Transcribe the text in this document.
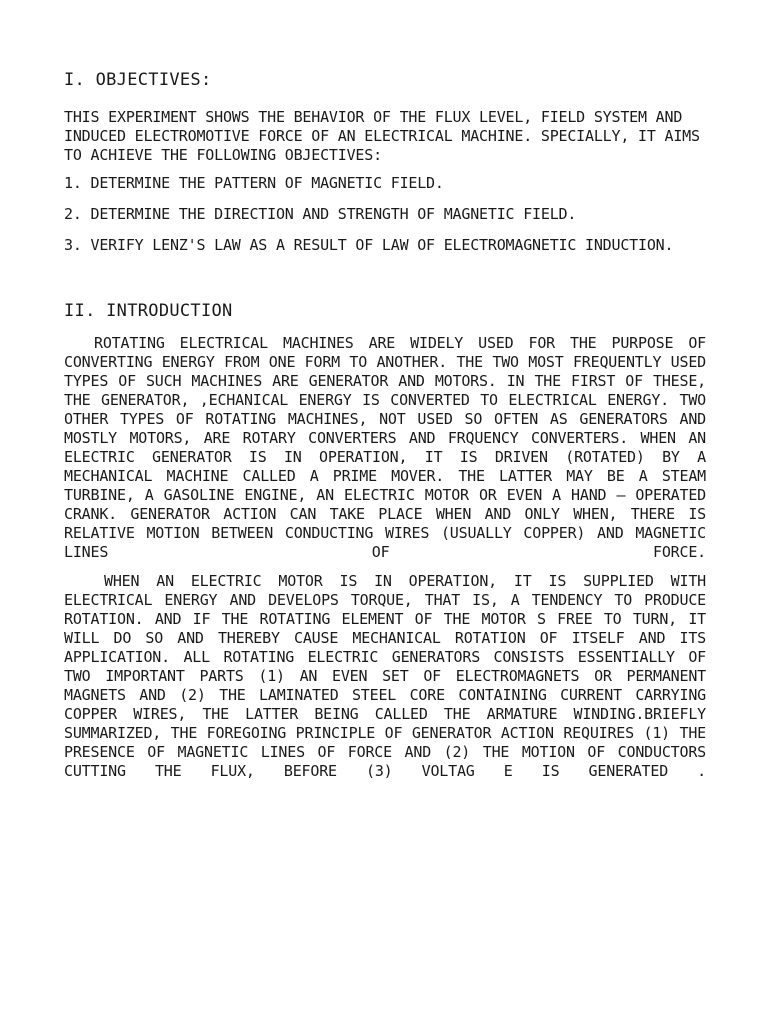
I. OBJECTIVES:

THIS EXPERIMENT SHOWS THE BEHAVIOR OF THE FLUX LEVEL, FIELD SYSTEM AND INDUCED ELECTROMOTIVE FORCE OF AN ELECTRICAL MACHINE. SPECIALLY, IT AIMS TO ACHIEVE THE FOLLOWING OBJECTIVES:

1. DETERMINE THE PATTERN OF MAGNETIC FIELD.

2. DETERMINE THE DIRECTION AND STRENGTH OF MAGNETIC FIELD.

3. VERIFY LENZ'S LAW AS A RESULT OF LAW OF ELECTROMAGNETIC INDUCTION.

II. INTRODUCTION

ROTATING ELECTRICAL MACHINES ARE WIDELY USED FOR THE PURPOSE OF CONVERTING ENERGY FROM ONE FORM TO ANOTHER. THE TWO MOST FREQUENTLY USED TYPES OF SUCH MACHINES ARE GENERATOR AND MOTORS. IN THE FIRST OF THESE, THE GENERATOR, ,ECHANICAL ENERGY IS CONVERTED TO ELECTRICAL ENERGY. TWO OTHER TYPES OF ROTATING MACHINES, NOT USED SO OFTEN AS GENERATORS AND MOSTLY MOTORS, ARE ROTARY CONVERTERS AND FRQUENCY CONVERTERS. WHEN AN ELECTRIC GENERATOR IS IN OPERATION, IT IS DRIVEN (ROTATED) BY A MECHANICAL MACHINE CALLED A PRIME MOVER. THE LATTER MAY BE A STEAM TURBINE, A GASOLINE ENGINE, AN ELECTRIC MOTOR OR EVEN A HAND – OPERATED CRANK. GENERATOR ACTION CAN TAKE PLACE WHEN AND ONLY WHEN, THERE IS RELATIVE MOTION BETWEEN CONDUCTING WIRES (USUALLY COPPER) AND MAGNETIC LINES OF FORCE.

WHEN AN ELECTRIC MOTOR IS IN OPERATION, IT IS SUPPLIED WITH ELECTRICAL ENERGY AND DEVELOPS TORQUE, THAT IS, A TENDENCY TO PRODUCE ROTATION. AND IF THE ROTATING ELEMENT OF THE MOTOR S FREE TO TURN, IT WILL DO SO AND THEREBY CAUSE MECHANICAL ROTATION OF ITSELF AND ITS APPLICATION. ALL ROTATING ELECTRIC GENERATORS CONSISTS ESSENTIALLY OF TWO IMPORTANT PARTS (1) AN EVEN SET OF ELECTROMAGNETS OR PERMANENT MAGNETS AND (2) THE LAMINATED STEEL CORE CONTAINING CURRENT CARRYING COPPER WIRES, THE LATTER BEING CALLED THE ARMATURE WINDING.BRIEFLY SUMMARIZED, THE FOREGOING PRINCIPLE OF GENERATOR ACTION REQUIRES (1) THE PRESENCE OF MAGNETIC LINES OF FORCE AND (2) THE MOTION OF CONDUCTORS CUTTING THE FLUX, BEFORE (3) VOLTAG E IS GENERATED .
